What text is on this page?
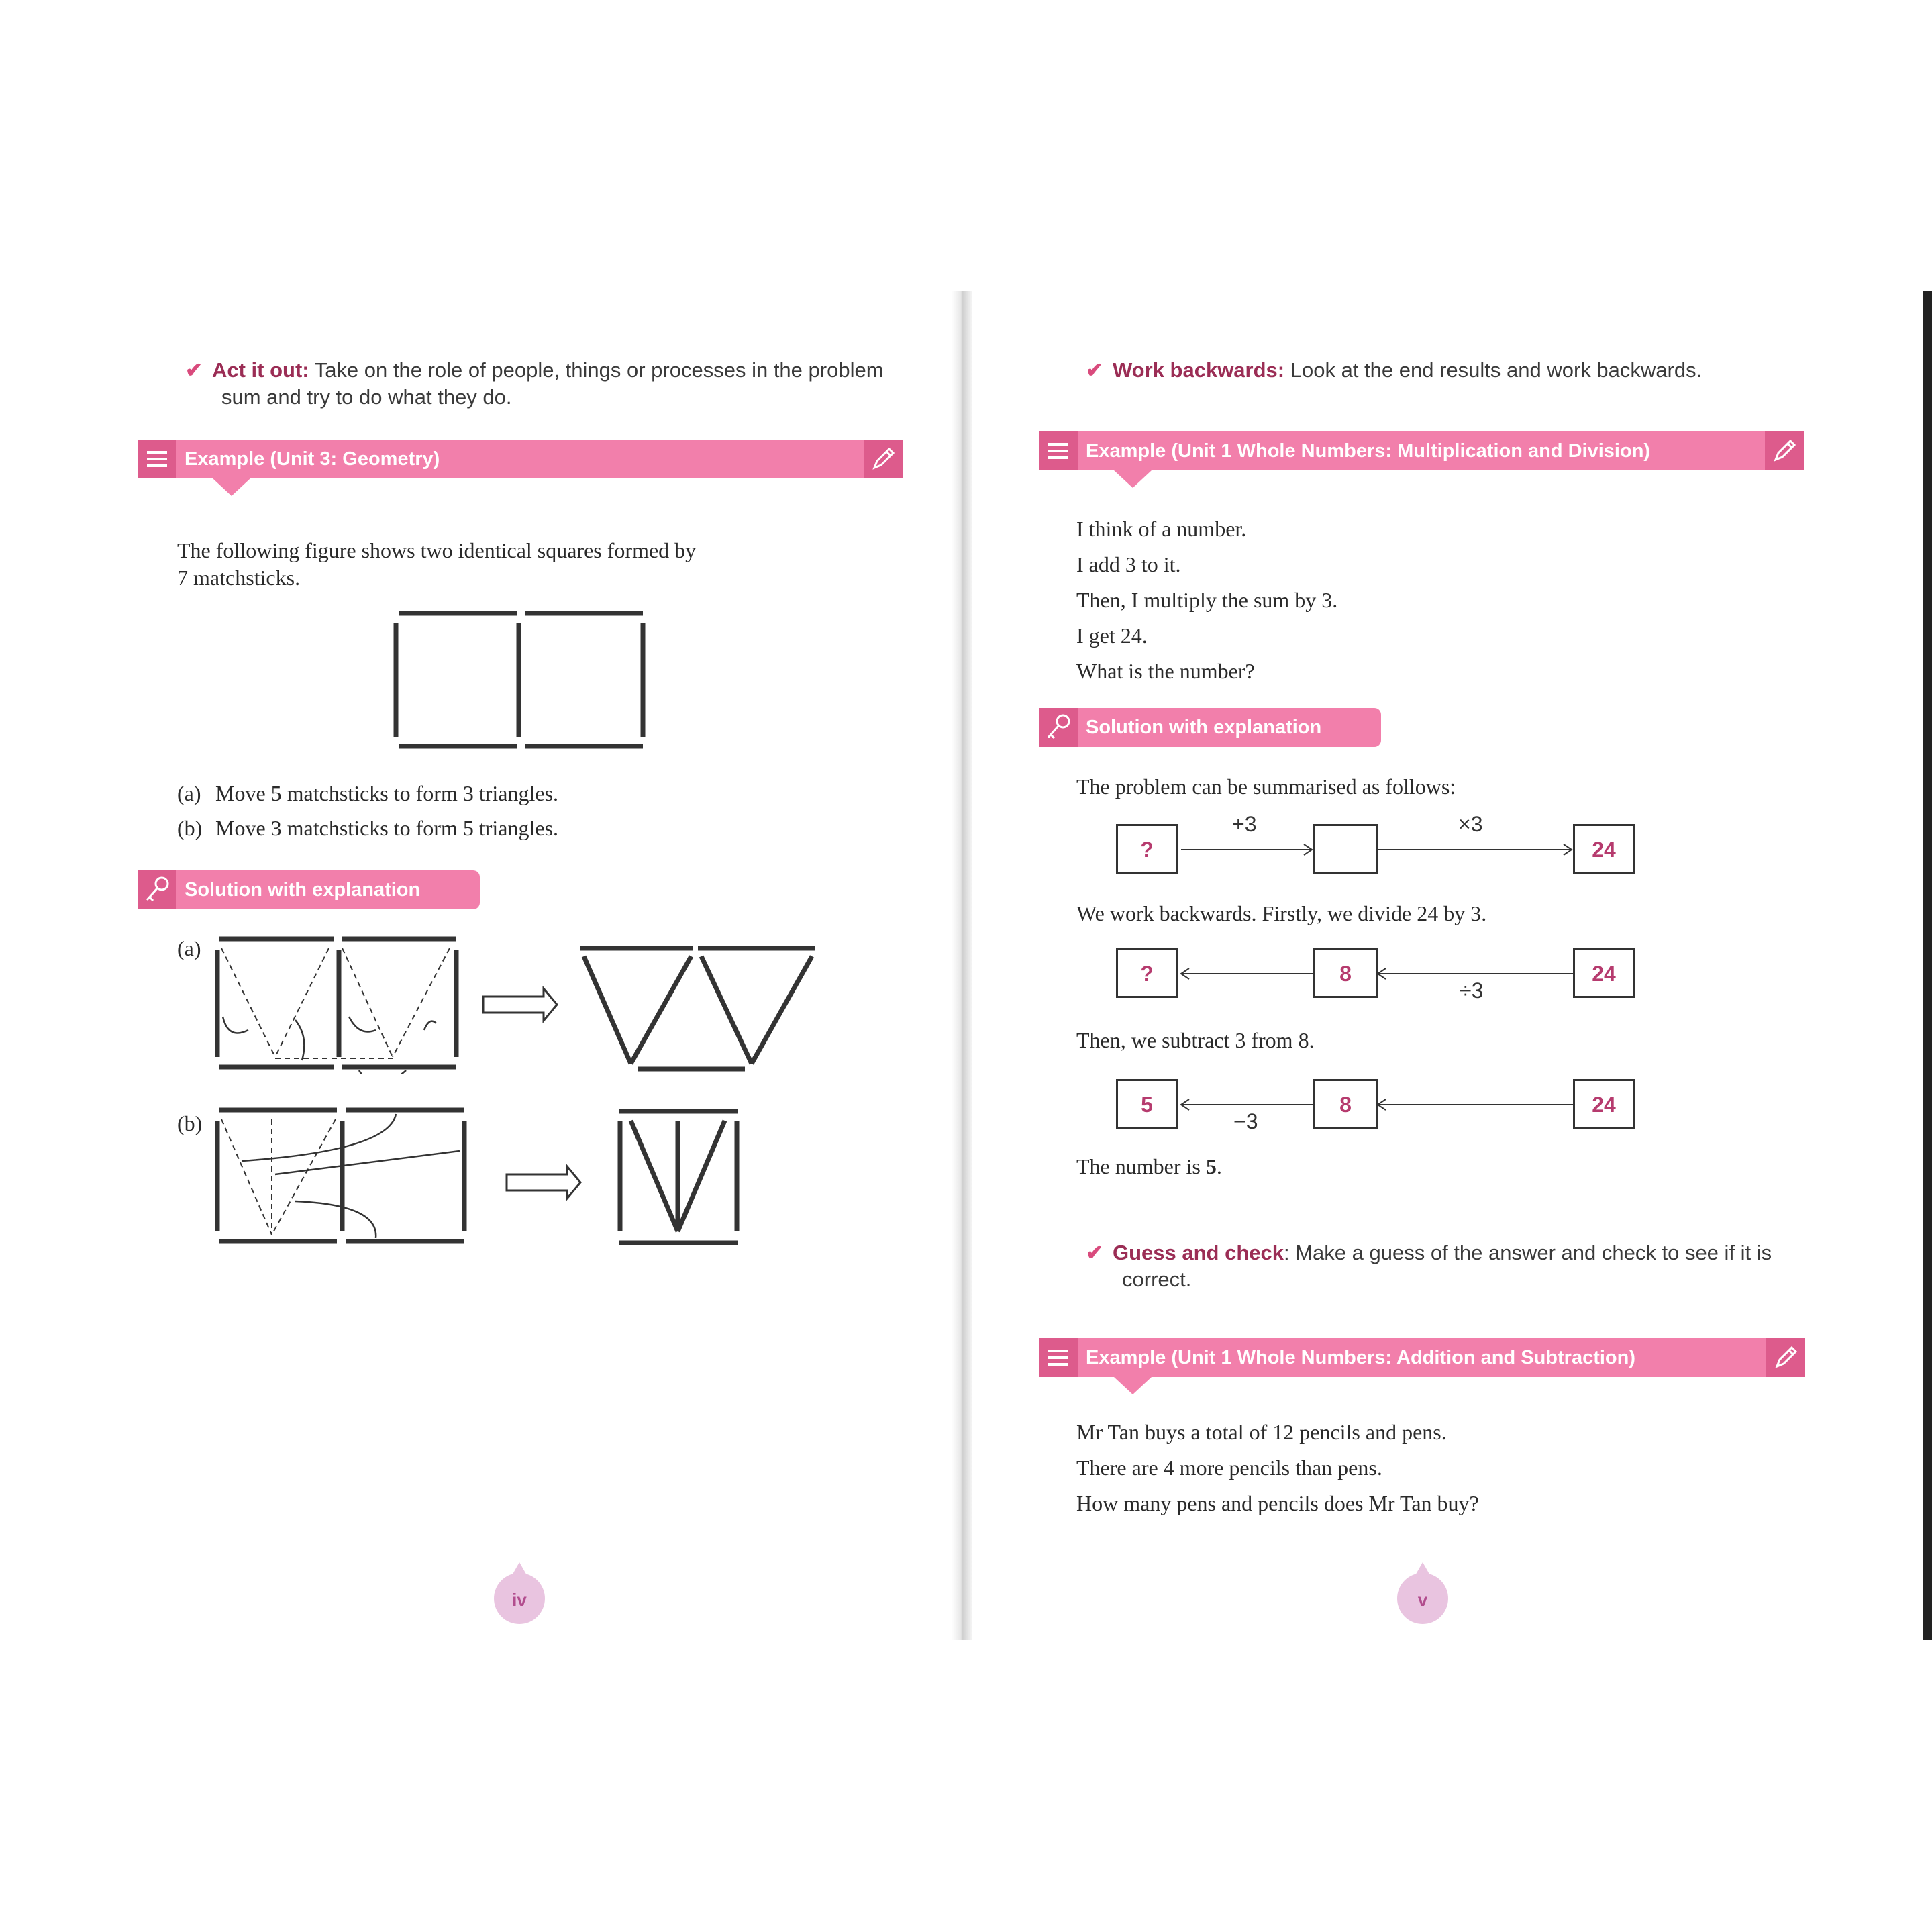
✔ Act it out: Take on the role of people, things or processes in the problem
sum and try to do what they do.
Example (Unit 3: Geometry)
The following figure shows two identical squares formed by
7 matchsticks.
(a) Move 5 matchsticks to form 3 triangles.
(b) Move 3 matchsticks to form 5 triangles.
Solution with explanation
(a)
(b)
iv
✔ Work backwards: Look at the end results and work backwards.
Example (Unit 1 Whole Numbers: Multiplication and Division)
I think of a number.
I add 3 to it.
Then, I multiply the sum by 3.
I get 24.
What is the number?
Solution with explanation
The problem can be summarised as follows:
?	24
+3	×3
We work backwards. Firstly, we divide 24 by 3.
?	8	24
÷3
Then, we subtract 3 from 8.
5	8	24
−3
The number is 5.
✔ Guess and check: Make a guess of the answer and check to see if it is
correct.
Example (Unit 1 Whole Numbers: Addition and Subtraction)
Mr Tan buys a total of 12 pencils and pens.
There are 4 more pencils than pens.
How many pens and pencils does Mr Tan buy?
v
